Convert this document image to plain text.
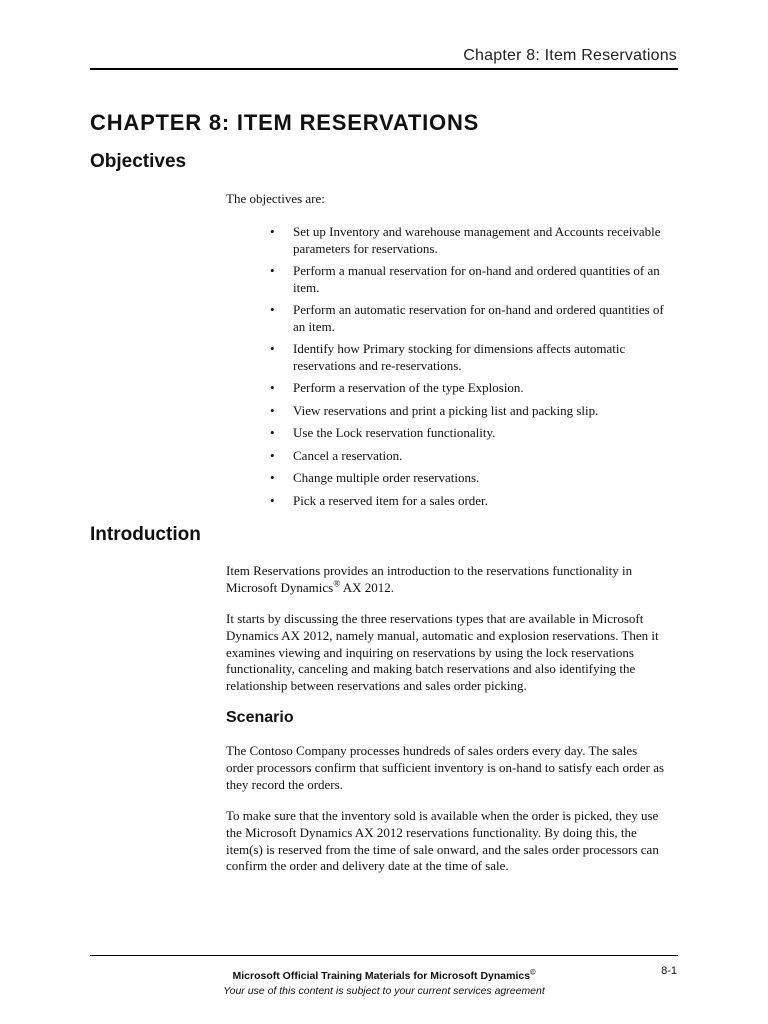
Chapter 8: Item Reservations
CHAPTER 8: ITEM RESERVATIONS
Objectives

The objectives are:

• Set up Inventory and warehouse management and Accounts receivable parameters for reservations.
• Perform a manual reservation for on-hand and ordered quantities of an item.
• Perform an automatic reservation for on-hand and ordered quantities of an item.
• Identify how Primary stocking for dimensions affects automatic reservations and re-reservations.
• Perform a reservation of the type Explosion.
• View reservations and print a picking list and packing slip.
• Use the Lock reservation functionality.
• Cancel a reservation.
• Change multiple order reservations.
• Pick a reserved item for a sales order.
Introduction

Item Reservations provides an introduction to the reservations functionality in Microsoft Dynamics® AX 2012.

It starts by discussing the three reservations types that are available in Microsoft Dynamics AX 2012, namely manual, automatic and explosion reservations. Then it examines viewing and inquiring on reservations by using the lock reservations functionality, canceling and making batch reservations and also identifying the relationship between reservations and sales order picking.

Scenario

The Contoso Company processes hundreds of sales orders every day. The sales order processors confirm that sufficient inventory is on-hand to satisfy each order as they record the orders.

To make sure that the inventory sold is available when the order is picked, they use the Microsoft Dynamics AX 2012 reservations functionality. By doing this, the item(s) is reserved from the time of sale onward, and the sales order processors can confirm the order and delivery date at the time of sale.

Microsoft Official Training Materials for Microsoft Dynamics©
Your use of this content is subject to your current services agreement
8-1
